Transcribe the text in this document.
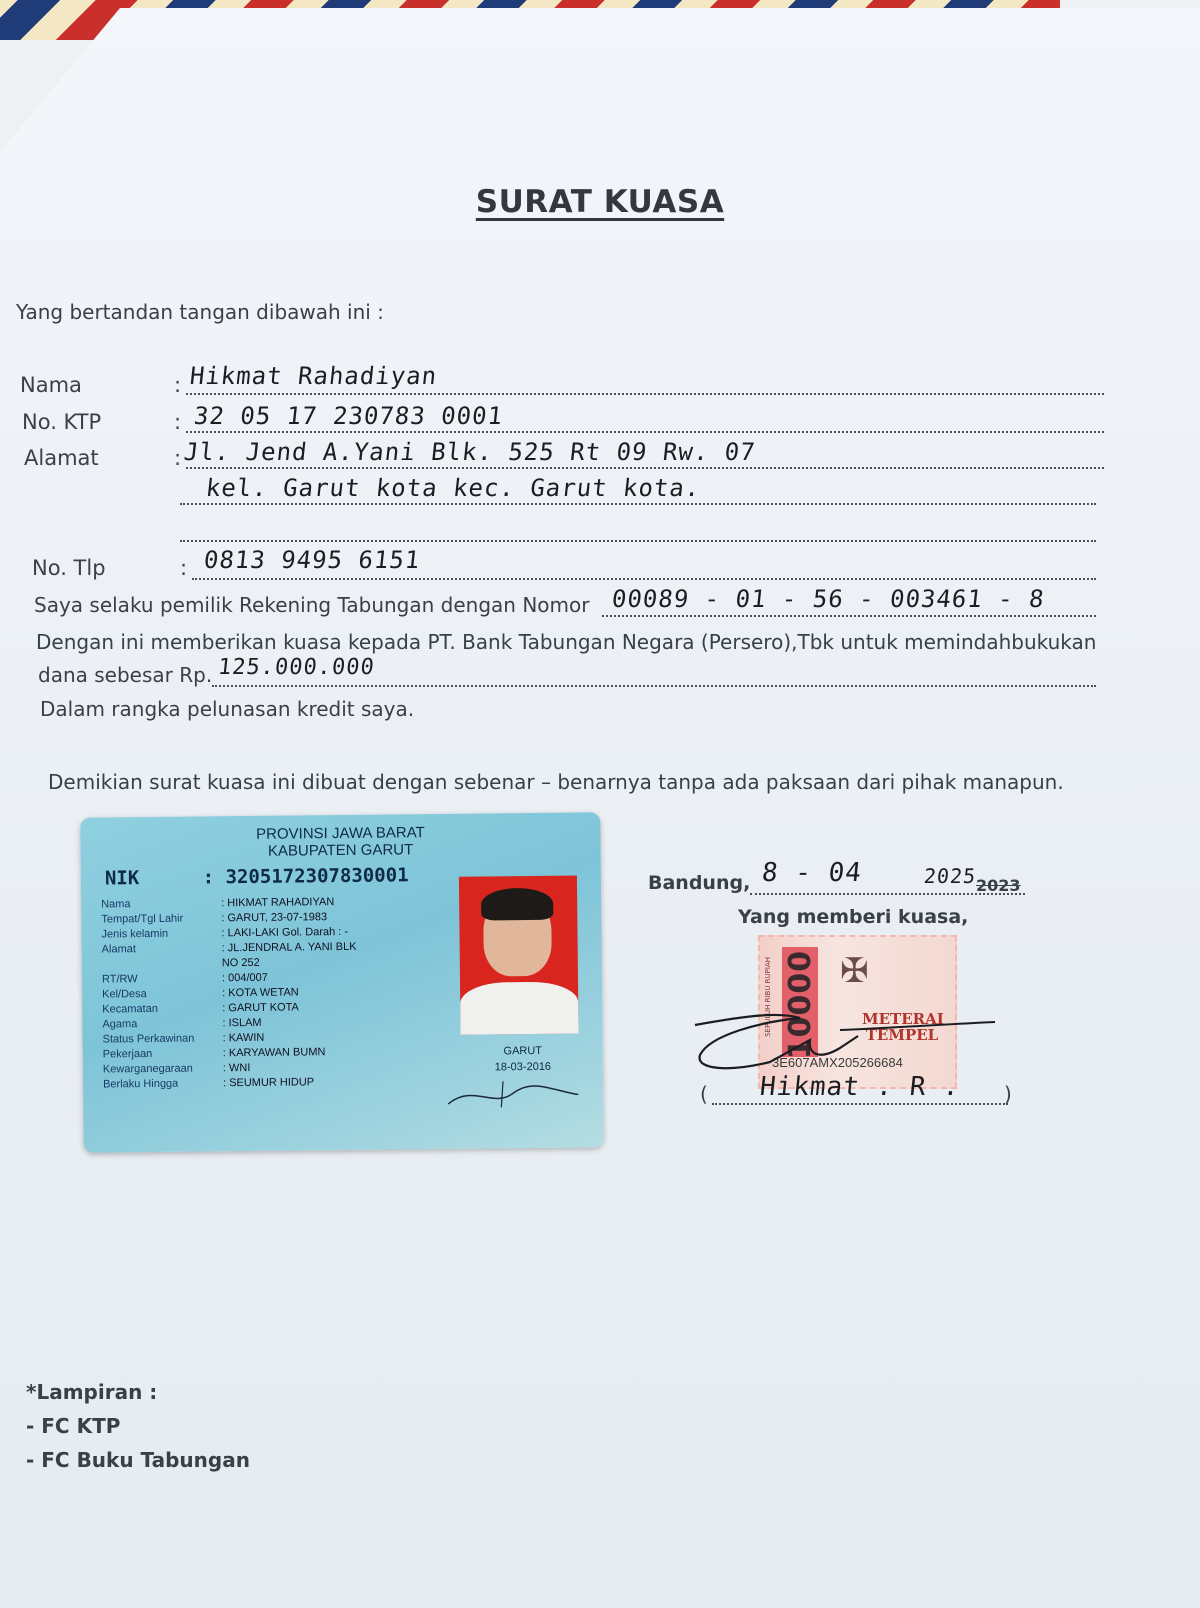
SURAT KUASA
Yang bertandan tangan dibawah ini :
Nama	: Hikmat Rahadiyan
No. KTP	: 32 05 17 230783 0001
Alamat	: Jl. Jend A.Yani Blk. 525 Rt 09 Rw. 07
kel. Garut kota kec. Garut kota.
No. Tlp	: 0813 9495 6151
Saya selaku pemilik Rekening Tabungan dengan Nomor 00089 - 01 - 56 - 003461 - 8
Dengan ini memberikan kuasa kepada PT. Bank Tabungan Negara (Persero),Tbk untuk memindahbukukan
dana sebesar Rp. 125.000.000
Dalam rangka pelunasan kredit saya.
Demikian surat kuasa ini dibuat dengan sebenar – benarnya tanpa ada paksaan dari pihak manapun.
PROVINSI JAWA BARAT
KABUPATEN GARUT
NIK	: 3205172307830001
Nama	: HIKMAT RAHADIYAN
Tempat/Tgl Lahir	: GARUT, 23-07-1983
Jenis kelamin	: LAKI-LAKI Gol. Darah : -
Alamat	: JL.JENDRAL A. YANI BLK
NO 252
RT/RW	: 004/007
Kel/Desa	: KOTA WETAN
Kecamatan	: GARUT KOTA
Agama	: ISLAM
Status Perkawinan	: KAWIN
Pekerjaan	: KARYAWAN BUMN
Kewarganegaraan	: WNI
Berlaku Hingga	: SEUMUR HIDUP
GARUT
18-03-2016
Bandung, 8 - 04	2025
2023
Yang memberi kuasa,
SEPULUH RIBU RUPIAH 10000 ✠
METERAI TEMPEL
3E607AMX205266684
( Hikmat . R . )
*Lampiran :
- FC KTP
- FC Buku Tabungan
